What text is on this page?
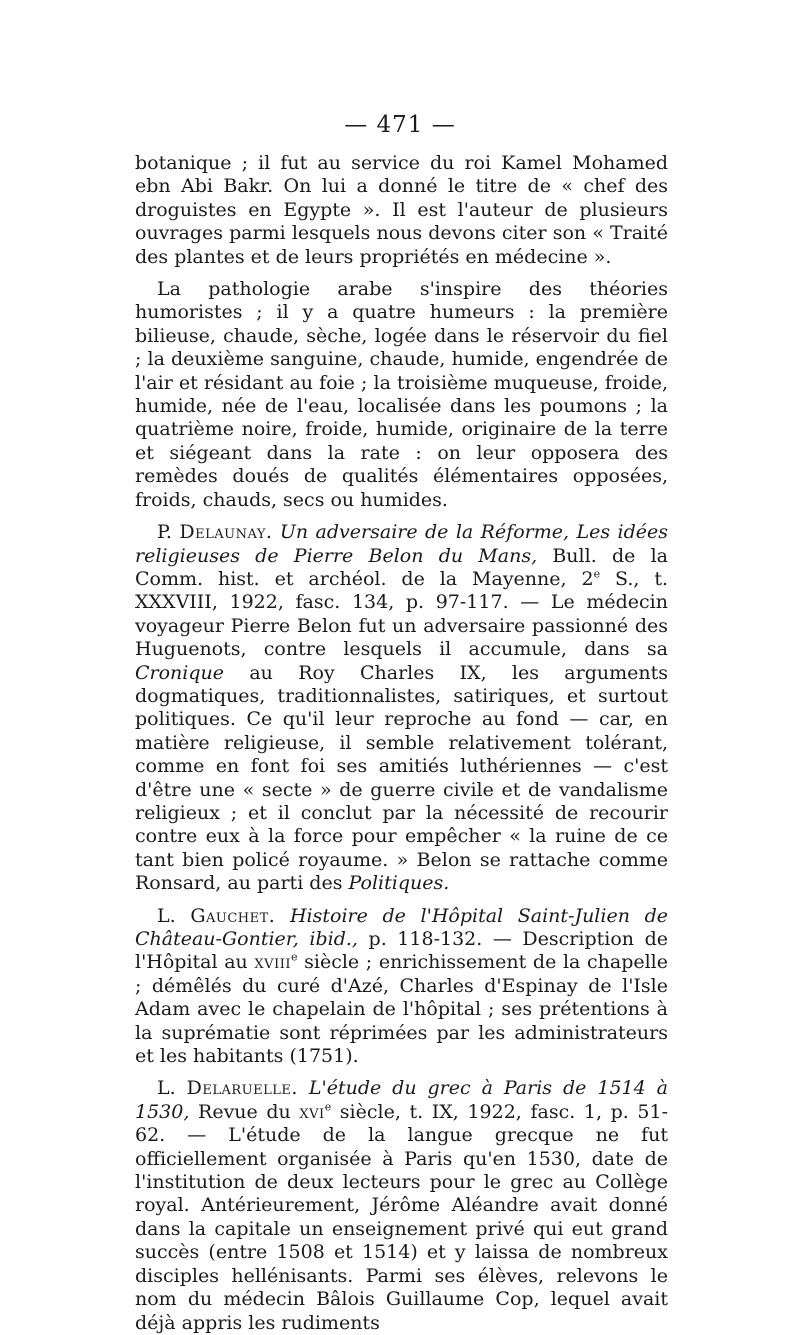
— 471 —

botanique ; il fut au service du roi Kamel Mohamed ebn Abi Bakr. On lui a donné le titre de « chef des droguistes en Egypte ». Il est l'auteur de plusieurs ouvrages parmi lesquels nous devons citer son « Traité des plantes et de leurs propriétés en médecine ».

La pathologie arabe s'inspire des théories humoristes ; il y a quatre humeurs : la première bilieuse, chaude, sèche, logée dans le réservoir du fiel ; la deuxième sanguine, chaude, humide, engendrée de l'air et résidant au foie ; la troisième muqueuse, froide, humide, née de l'eau, localisée dans les poumons ; la quatrième noire, froide, humide, originaire de la terre et siégeant dans la rate : on leur opposera des remèdes doués de qualités élémentaires opposées, froids, chauds, secs ou humides.

P. Delaunay. Un adversaire de la Réforme, Les idées religieuses de Pierre Belon du Mans, Bull. de la Comm. hist. et archéol. de la Mayenne, 2e S., t. XXXVIII, 1922, fasc. 134, p. 97-117. — Le médecin voyageur Pierre Belon fut un adversaire passionné des Huguenots, contre lesquels il accumule, dans sa Cronique au Roy Charles IX, les arguments dogmatiques, traditionnalistes, satiriques, et surtout politiques. Ce qu'il leur reproche au fond — car, en matière religieuse, il semble relativement tolérant, comme en font foi ses amitiés luthériennes — c'est d'être une « secte » de guerre civile et de vandalisme religieux ; et il conclut par la nécessité de recourir contre eux à la force pour empêcher « la ruine de ce tant bien policé royaume. » Belon se rattache comme Ronsard, au parti des Politiques.

L. Gauchet. Histoire de l'Hôpital Saint-Julien de Château-Gontier, ibid., p. 118-132. — Description de l'Hôpital au xviii$^e$ siècle ; enrichissement de la chapelle ; démêlés du curé d'Azé, Charles d'Espinay de l'Isle Adam avec le chapelain de l'hôpital ; ses prétentions à la suprématie sont réprimées par les administrateurs et les habitants (1751).

L. Delaruelle. L'étude du grec à Paris de 1514 à 1530, Revue du xvi$^e$ siècle, t. IX, 1922, fasc. 1, p. 51-62. — L'étude de la langue grecque ne fut officiellement organisée à Paris qu'en 1530, date de l'institution de deux lecteurs pour le grec au Collège royal. Antérieurement, Jérôme Aléandre avait donné dans la capitale un enseignement privé qui eut grand succès (entre 1508 et 1514) et y laissa de nombreux disciples hellénisants. Parmi ses élèves, relevons le nom du médecin Bâlois Guillaume Cop, lequel avait déjà appris les rudiments
